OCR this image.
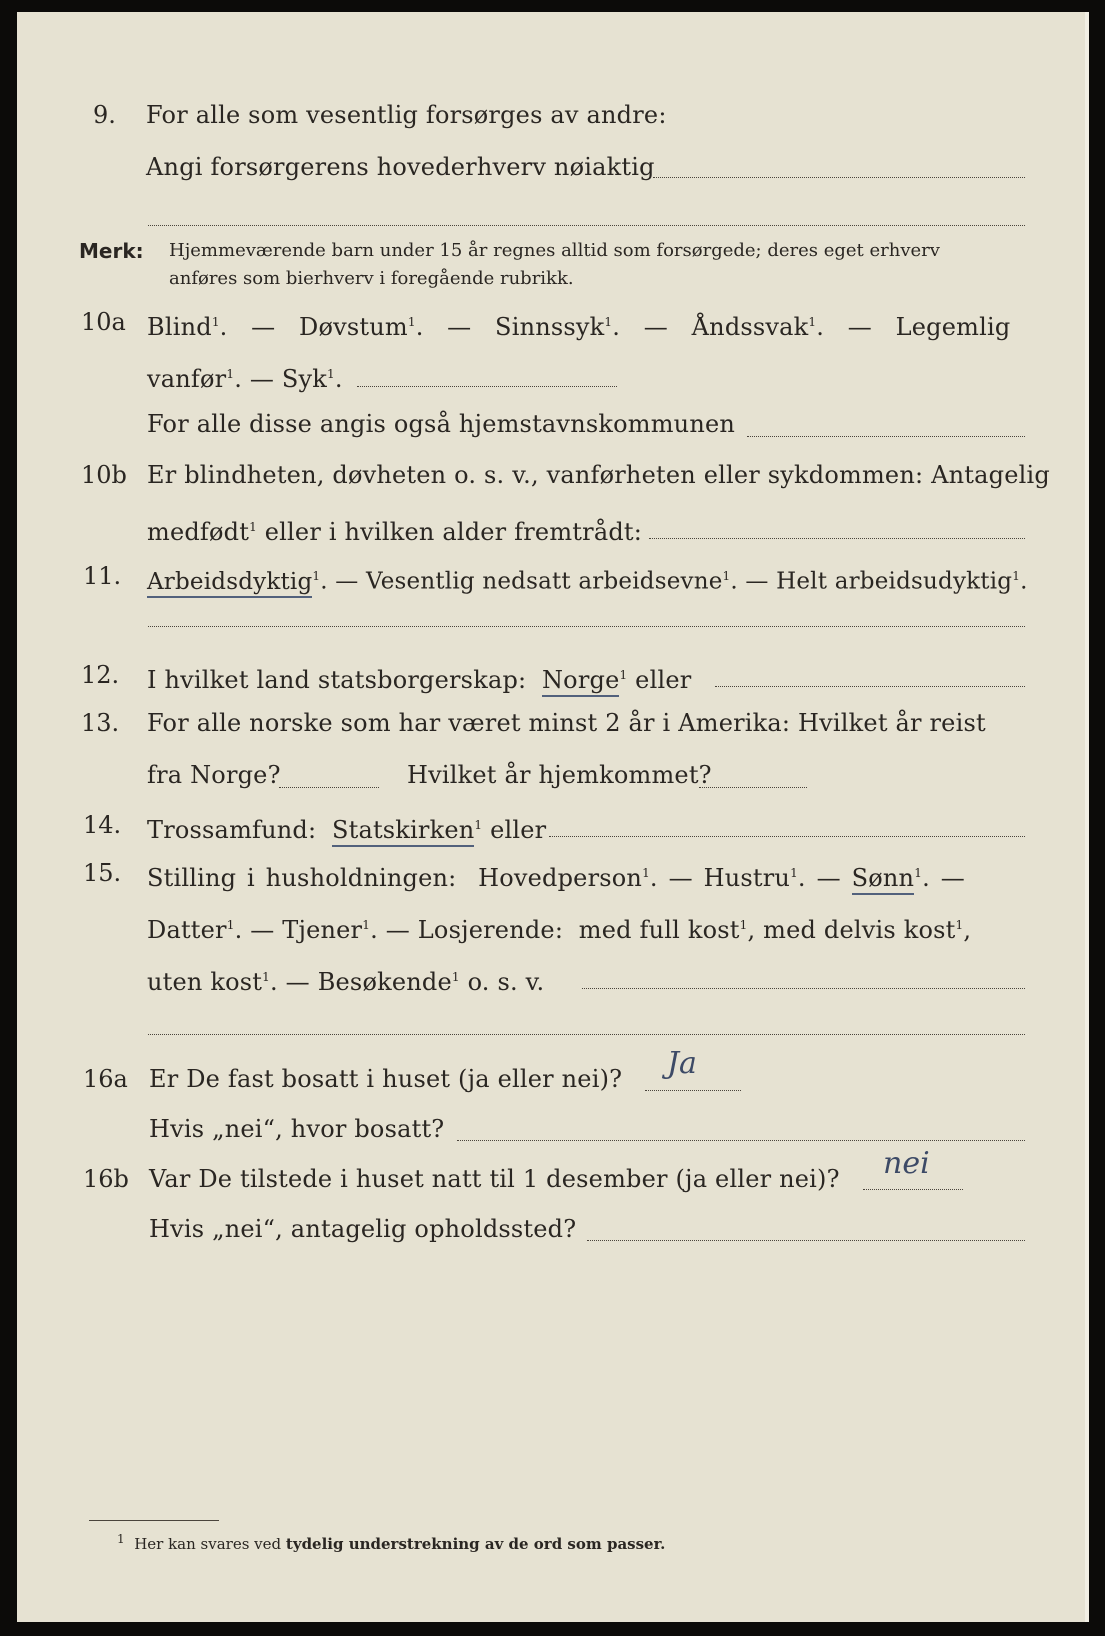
9. For alle som vesentlig forsørges av andre:
Angi forsørgerens hovederhverv nøiaktig
Merk: Hjemmeværende barn under 15 år regnes alltid som forsørgede; deres eget erhverv
anføres som bierhverv i foregående rubrikk.
10a Blind$^1$.  —  Døvstum$^1$.  —  Sinnssyk$^1$.  —  Åndssvak$^1$.  —  Legemlig
vanfør$^1$. — Syk$^1$.
For alle disse angis også hjemstavnskommunen
10b Er blindheten, døvheten o. s. v., vanførheten eller sykdommen: Antagelig
medfødt$^1$ eller i hvilken alder fremtrådt:
11. Arbeidsdyktig$^1$. — Vesentlig nedsatt arbeidsevne$^1$. — Helt arbeidsudyktig$^1$.
12. I hvilket land statsborgerskap: Norge$^1$ eller
13. For alle norske som har været minst 2 år i Amerika: Hvilket år reist
fra Norge?	Hvilket år hjemkommet?
14. Trossamfund: Statskirken$^1$ eller
15. Stilling i husholdningen: Hovedperson$^1$. — Hustru$^1$. — Sønn$^1$. —
Datter$^1$. — Tjener$^1$. — Losjerende: med full kost$^1$, med delvis kost$^1$,
uten kost$^1$. — Besøkende$^1$ o. s. v.
16a Er De fast bosatt i huset (ja eller nei)? Ja
Hvis „nei“, hvor bosatt?
16b Var De tilstede i huset natt til 1 desember (ja eller nei)? nei
Hvis „nei“, antagelig opholdssted?
$^1$ Her kan svares ved tydelig understrekning av de ord som passer.
